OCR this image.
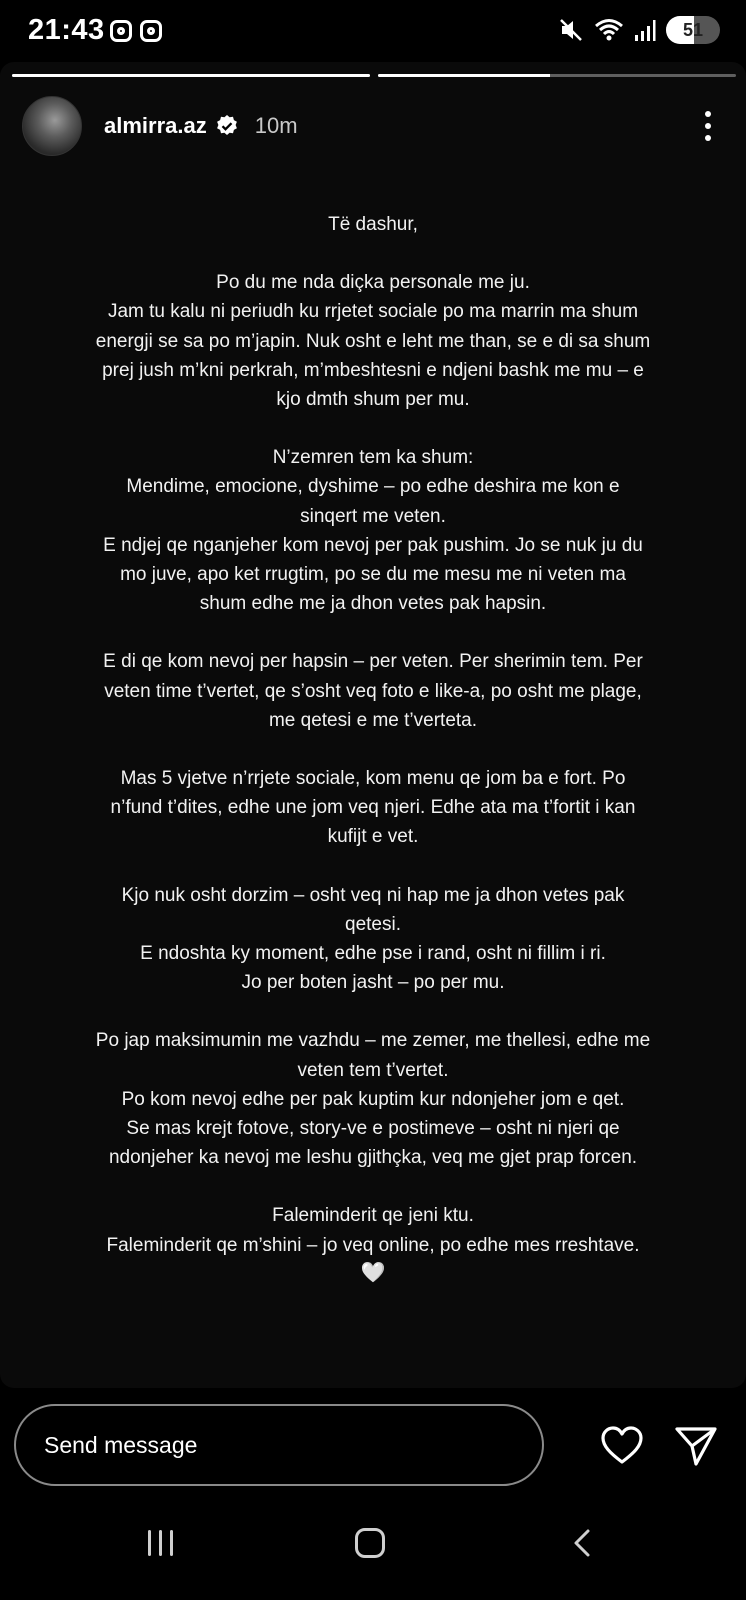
21:43	51
almirra.az 10m

Të dashur,

Po du me nda diçka personale me ju.
Jam tu kalu ni periudh ku rrjetet sociale po ma marrin ma shum
energji se sa po m’japin. Nuk osht e leht me than, se e di sa shum
prej jush m’kni perkrah, m’mbeshtesni e ndjeni bashk me mu – e
kjo dmth shum per mu.

N’zemren tem ka shum:
Mendime, emocione, dyshime – po edhe deshira me kon e
sinqert me veten.
E ndjej qe nganjeher kom nevoj per pak pushim. Jo se nuk ju du
mo juve, apo ket rrugtim, po se du me mesu me ni veten ma
shum edhe me ja dhon vetes pak hapsin.

E di qe kom nevoj per hapsin – per veten. Per sherimin tem. Per
veten time t’vertet, qe s’osht veq foto e like-a, po osht me plage,
me qetesi e me t’verteta.

Mas 5 vjetve n’rrjete sociale, kom menu qe jom ba e fort. Po
n’fund t’dites, edhe une jom veq njeri. Edhe ata ma t’fortit i kan
kufijt e vet.

Kjo nuk osht dorzim – osht veq ni hap me ja dhon vetes pak
qetesi.
E ndoshta ky moment, edhe pse i rand, osht ni fillim i ri.
Jo per boten jasht – po per mu.

Po jap maksimumin me vazhdu – me zemer, me thellesi, edhe me
veten tem t’vertet.
Po kom nevoj edhe per pak kuptim kur ndonjeher jom e qet.
Se mas krejt fotove, story-ve e postimeve – osht ni njeri qe
ndonjeher ka nevoj me leshu gjithçka, veq me gjet prap forcen.

Faleminderit qe jeni ktu.
Faleminderit qe m’shini – jo veq online, po edhe mes rreshtave.

🤍
Send message
